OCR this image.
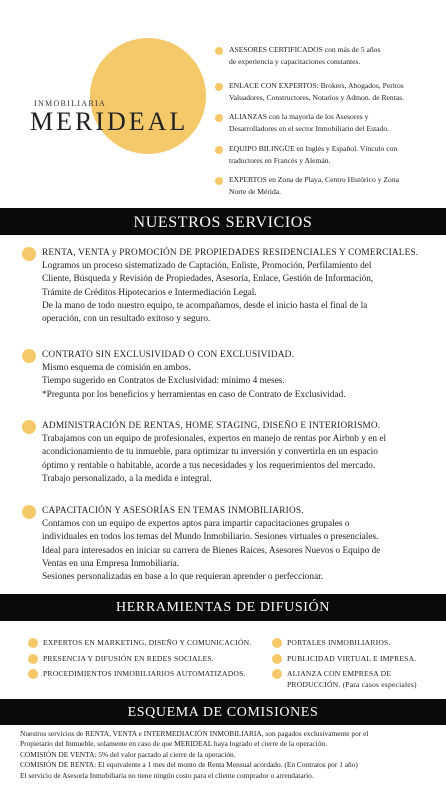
INMOBILIARIA
MERIDEAL
ASESORES CERTIFICADOS con más de 5 años
de experiencia y capacitaciones constantes.
ENLACE CON EXPERTOS: Brokers, Abogados, Peritos
Valuadores, Constructores, Notarios y Admon. de Rentas.
ALIANZAS con la mayoría de los Asesores y
Desarrolladores en el sector Inmobiliario del Estado.
EQUIPO BILINGÜE en Inglés y Español. Vínculo con
traductores en Francés y Alemán.
EXPERTOS en Zona de Playa, Centro Histórico y Zona
Norte de Mérida.
NUESTROS SERVICIOS
RENTA, VENTA y PROMOCIÓN DE PROPIEDADES RESIDENCIALES Y COMERCIALES.
Logramos un proceso sistematizado de Captación, Enliste, Promoción, Perfilamiento del
Cliente, Búsqueda y Revisión de Propiedades, Asesoría, Enlace, Gestión de Información,
Trámite de Créditos Hipotecarios e Intermediación Legal.
De la mano de todo nuestro equipo, te acompañamos, desde el inicio hasta el final de la
operación, con un resultado exitoso y seguro.
CONTRATO SIN EXCLUSIVIDAD O CON EXCLUSIVIDAD.
Mismo esquema de comisión en ambos.
Tiempo sugerido en Contratos de Exclusividad: mínimo 4 meses.
*Pregunta por los beneficios y herramientas en caso de Contrato de Exclusividad.
ADMINISTRACIÓN DE RENTAS, HOME STAGING, DISEÑO E INTERIORISMO.
Trabajamos con un equipo de profesionales, expertos en manejo de rentas por Airbnb y en el
acondicionamiento de tu inmueble, para optimizar tu inversión y convertirla en un espacio
óptimo y rentable o habitable, acorde a tus necesidades y los requerimientos del mercado.
Trabajo personalizado, a la medida e integral.
CAPACITACIÓN Y ASESORÍAS EN TEMAS INMOBILIARIOS.
Contamos con un equipo de expertos aptos para impartir capacitaciones grupales o
individuales en todos los temas del Mundo Inmobiliario. Sesiones virtuales o presenciales.
Ideal para interesados en iniciar su carrera de Bienes Raíces, Asesores Nuevos o Equipo de
Ventas en una Empresa Inmobiliaria.
Sesiones personalizadas en base a lo que requieran aprender o perfeccionar.
HERRAMIENTAS DE DIFUSIÓN
EXPERTOS EN MARKETING, DISEÑO Y COMUNICACIÓN.
PRESENCIA Y DIFUSIÓN EN REDES SOCIALES.
PROCEDIMIENTOS INMOBILIARIOS AUTOMATIZADOS.
PORTALES INMOBILIARIOS.
PUBLICIDAD VIRTUAL E IMPRESA.
ALIANZA CON EMPRESA DE
PRODUCCIÓN. (Para casos especiales)
ESQUEMA DE COMISIONES
Nuestros servicios de RENTA, VENTA e INTERMEDIACIÓN INMOBILIARIA, son pagados exclusivamente por el
Propietario del Inmueble, solamente en caso de que MERIDEAL haya logrado el cierre de la operación.
COMISIÓN DE VENTA: 5% del valor pactado al cierre de la operación.
COMISIÓN DE RENTA: El equivalente a 1 mes del monto de Renta Mensual acordado. (En Contratos por 1 año)
El servicio de Asesoría Inmobiliaria no tiene ningún costo para el cliente comprador o arrendatario.
